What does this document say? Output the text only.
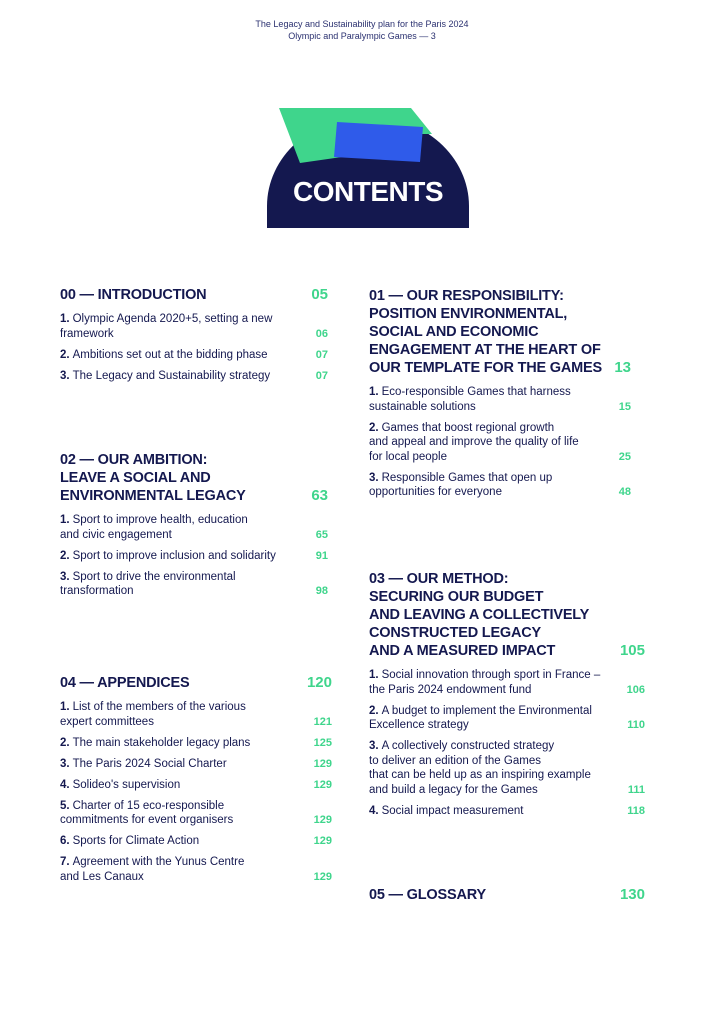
The Legacy and Sustainability plan for the Paris 2024
Olympic and Paralympic Games — 3
CONTENTS
00 — INTRODUCTION	05
1. Olympic Agenda 2020+5, setting a new
framework	06
2. Ambitions set out at the bidding phase	07
3. The Legacy and Sustainability strategy	07
02 — OUR AMBITION:
LEAVE A SOCIAL AND
ENVIRONMENTAL LEGACY	63
1. Sport to improve health, education
and civic engagement	65
2. Sport to improve inclusion and solidarity	91
3. Sport to drive the environmental
transformation	98
04 — APPENDICES	120
1. List of the members of the various
expert committees	121
2. The main stakeholder legacy plans	125
3. The Paris 2024 Social Charter	129
4. Solideo's supervision	129
5. Charter of 15 eco-responsible
commitments for event organisers	129
6. Sports for Climate Action	129
7. Agreement with the Yunus Centre
and Les Canaux	129
01 — OUR RESPONSIBILITY:
POSITION ENVIRONMENTAL,
SOCIAL AND ECONOMIC
ENGAGEMENT AT THE HEART OF
OUR TEMPLATE FOR THE GAMES 13
1. Eco-responsible Games that harness
sustainable solutions	15
2. Games that boost regional growth
and appeal and improve the quality of life
for local people	25
3. Responsible Games that open up
opportunities for everyone	48
03 — OUR METHOD:
SECURING OUR BUDGET
AND LEAVING A COLLECTIVELY
CONSTRUCTED LEGACY
AND A MEASURED IMPACT	105
1. Social innovation through sport in France –
the Paris 2024 endowment fund	106
2. A budget to implement the Environmental
Excellence strategy	110
3. A collectively constructed strategy
to deliver an edition of the Games
that can be held up as an inspiring example
and build a legacy for the Games	111
4. Social impact measurement	118
05 — GLOSSARY	130
